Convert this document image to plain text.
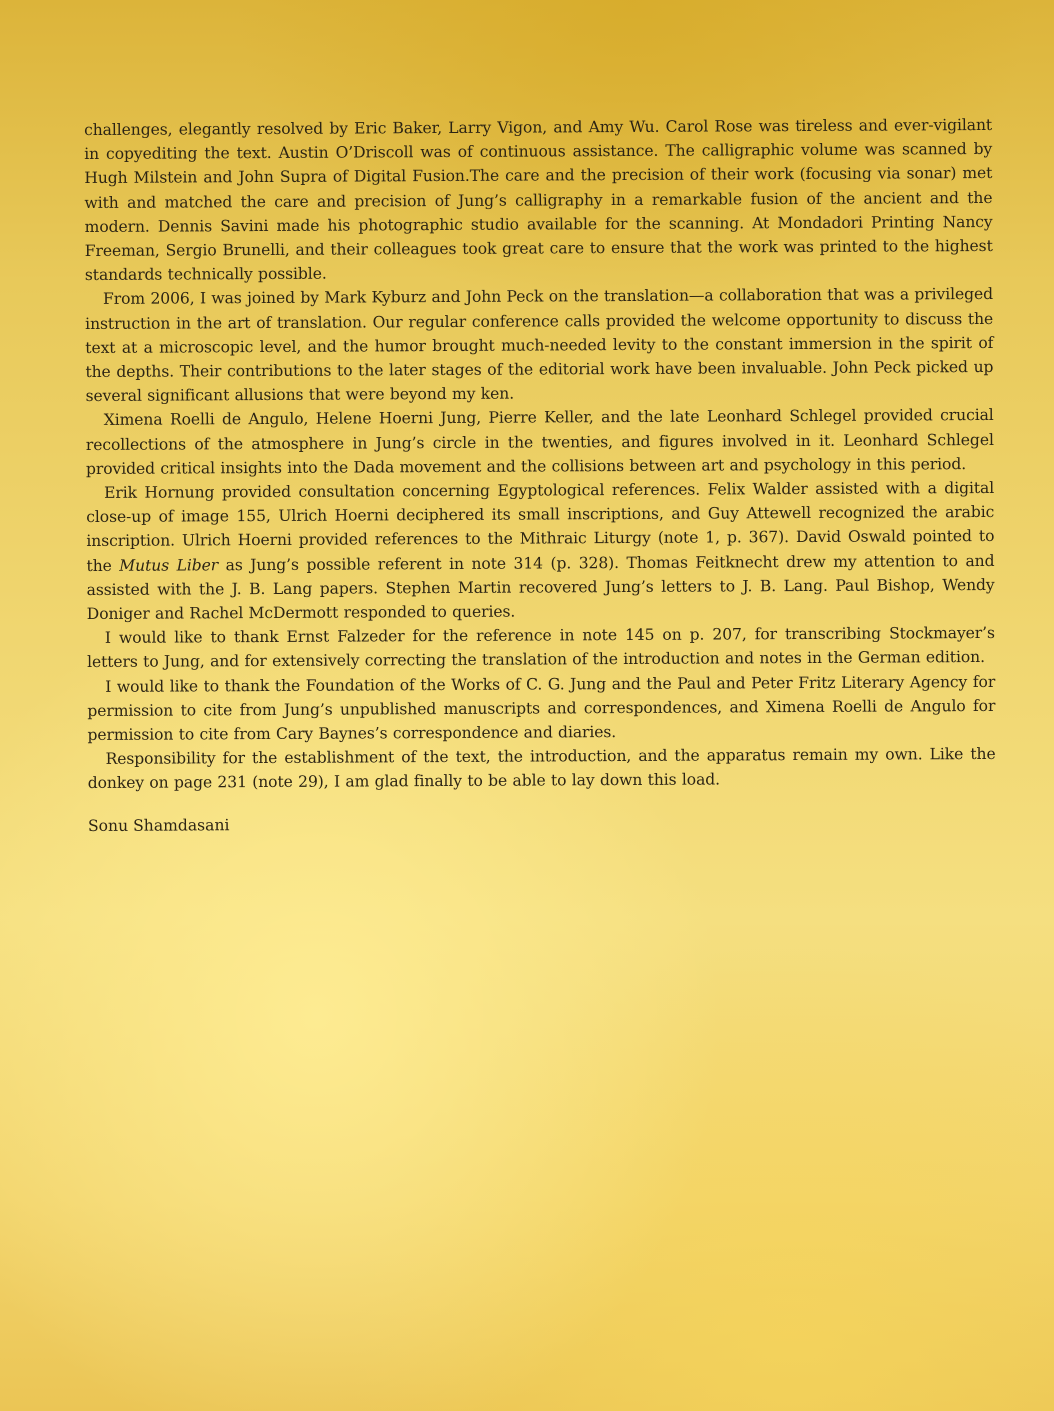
challenges, elegantly resolved by Eric Baker, Larry Vigon, and Amy Wu. Carol Rose was tireless and ever-vigilant in copyediting the text. Austin O’Driscoll was of continuous assistance. The calligraphic volume was scanned by Hugh Milstein and John Supra of Digital Fusion.The care and the precision of their work (focusing via sonar) met with and matched the care and precision of Jung’s calligraphy in a remarkable fusion of the ancient and the modern. Dennis Savini made his photographic studio available for the scanning. At Mondadori Printing Nancy Freeman, Sergio Brunelli, and their colleagues took great care to ensure that the work was printed to the highest standards technically possible.

From 2006, I was joined by Mark Kyburz and John Peck on the translation—a collaboration that was a privileged instruction in the art of translation. Our regular conference calls provided the welcome opportunity to discuss the text at a microscopic level, and the humor brought much-needed levity to the constant immersion in the spirit of the depths. Their contributions to the later stages of the editorial work have been invaluable. John Peck picked up several significant allusions that were beyond my ken.

Ximena Roelli de Angulo, Helene Hoerni Jung, Pierre Keller, and the late Leonhard Schlegel provided crucial recollections of the atmosphere in Jung’s circle in the twenties, and figures involved in it. Leonhard Schlegel provided critical insights into the Dada movement and the collisions between art and psychology in this period.

Erik Hornung provided consultation concerning Egyptological references. Felix Walder assisted with a digital close-up of image 155, Ulrich Hoerni deciphered its small inscriptions, and Guy Attewell recognized the arabic inscription. Ulrich Hoerni provided references to the Mithraic Liturgy (note 1, p. 367). David Oswald pointed to the Mutus Liber as Jung’s possible referent in note 314 (p. 328). Thomas Feitknecht drew my attention to and assisted with the J. B. Lang papers. Stephen Martin recovered Jung’s letters to J. B. Lang. Paul Bishop, Wendy Doniger and Rachel McDermott responded to queries.

I would like to thank Ernst Falzeder for the reference in note 145 on p. 207, for transcribing Stockmayer’s letters to Jung, and for extensively correcting the translation of the introduction and notes in the German edition.

I would like to thank the Foundation of the Works of C. G. Jung and the Paul and Peter Fritz Literary Agency for permission to cite from Jung’s unpublished manuscripts and correspondences, and Ximena Roelli de Angulo for permission to cite from Cary Baynes’s correspondence and diaries.

Responsibility for the establishment of the text, the introduction, and the apparatus remain my own. Like the donkey on page 231 (note 29), I am glad finally to be able to lay down this load.

Sonu Shamdasani
